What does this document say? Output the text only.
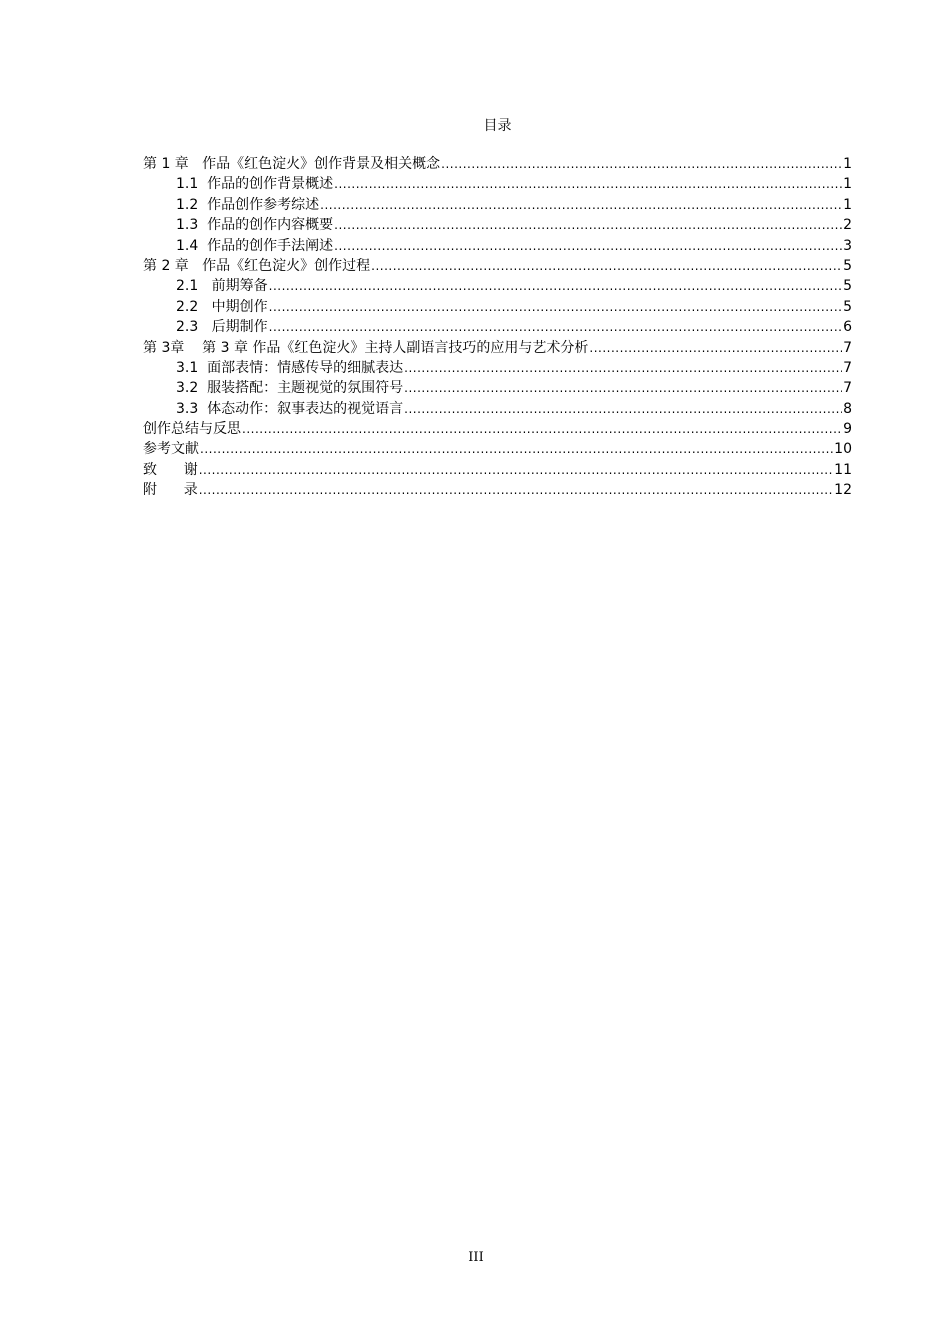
目录
第 1 章   作品《红色淀火》创作背景及相关概念 .....	1
1.1  作品的创作背景概述 .....	1
1.2  作品创作参考综述 .....	1
1.3  作品的创作内容概要 .....	2
1.4  作品的创作手法阐述 .....	3
第 2 章   作品《红色淀火》创作过程 .....	5
2.1   前期筹备 .....	5
2.2   中期创作 .....	5
2.3   后期制作 .....	6
第 3章    第 3 章 作品《红色淀火》主持人副语言技巧的应用与艺术分析 .....	7
3.1  面部表情：情感传导的细腻表达 .....	7
3.2  服装搭配：主题视觉的氛围符号 .....	7
3.3  体态动作：叙事表达的视觉语言 .....	8
创作总结与反思 .....	9
参考文献 .....	10
致      谢 .....	11
附      录 .....	12
III
